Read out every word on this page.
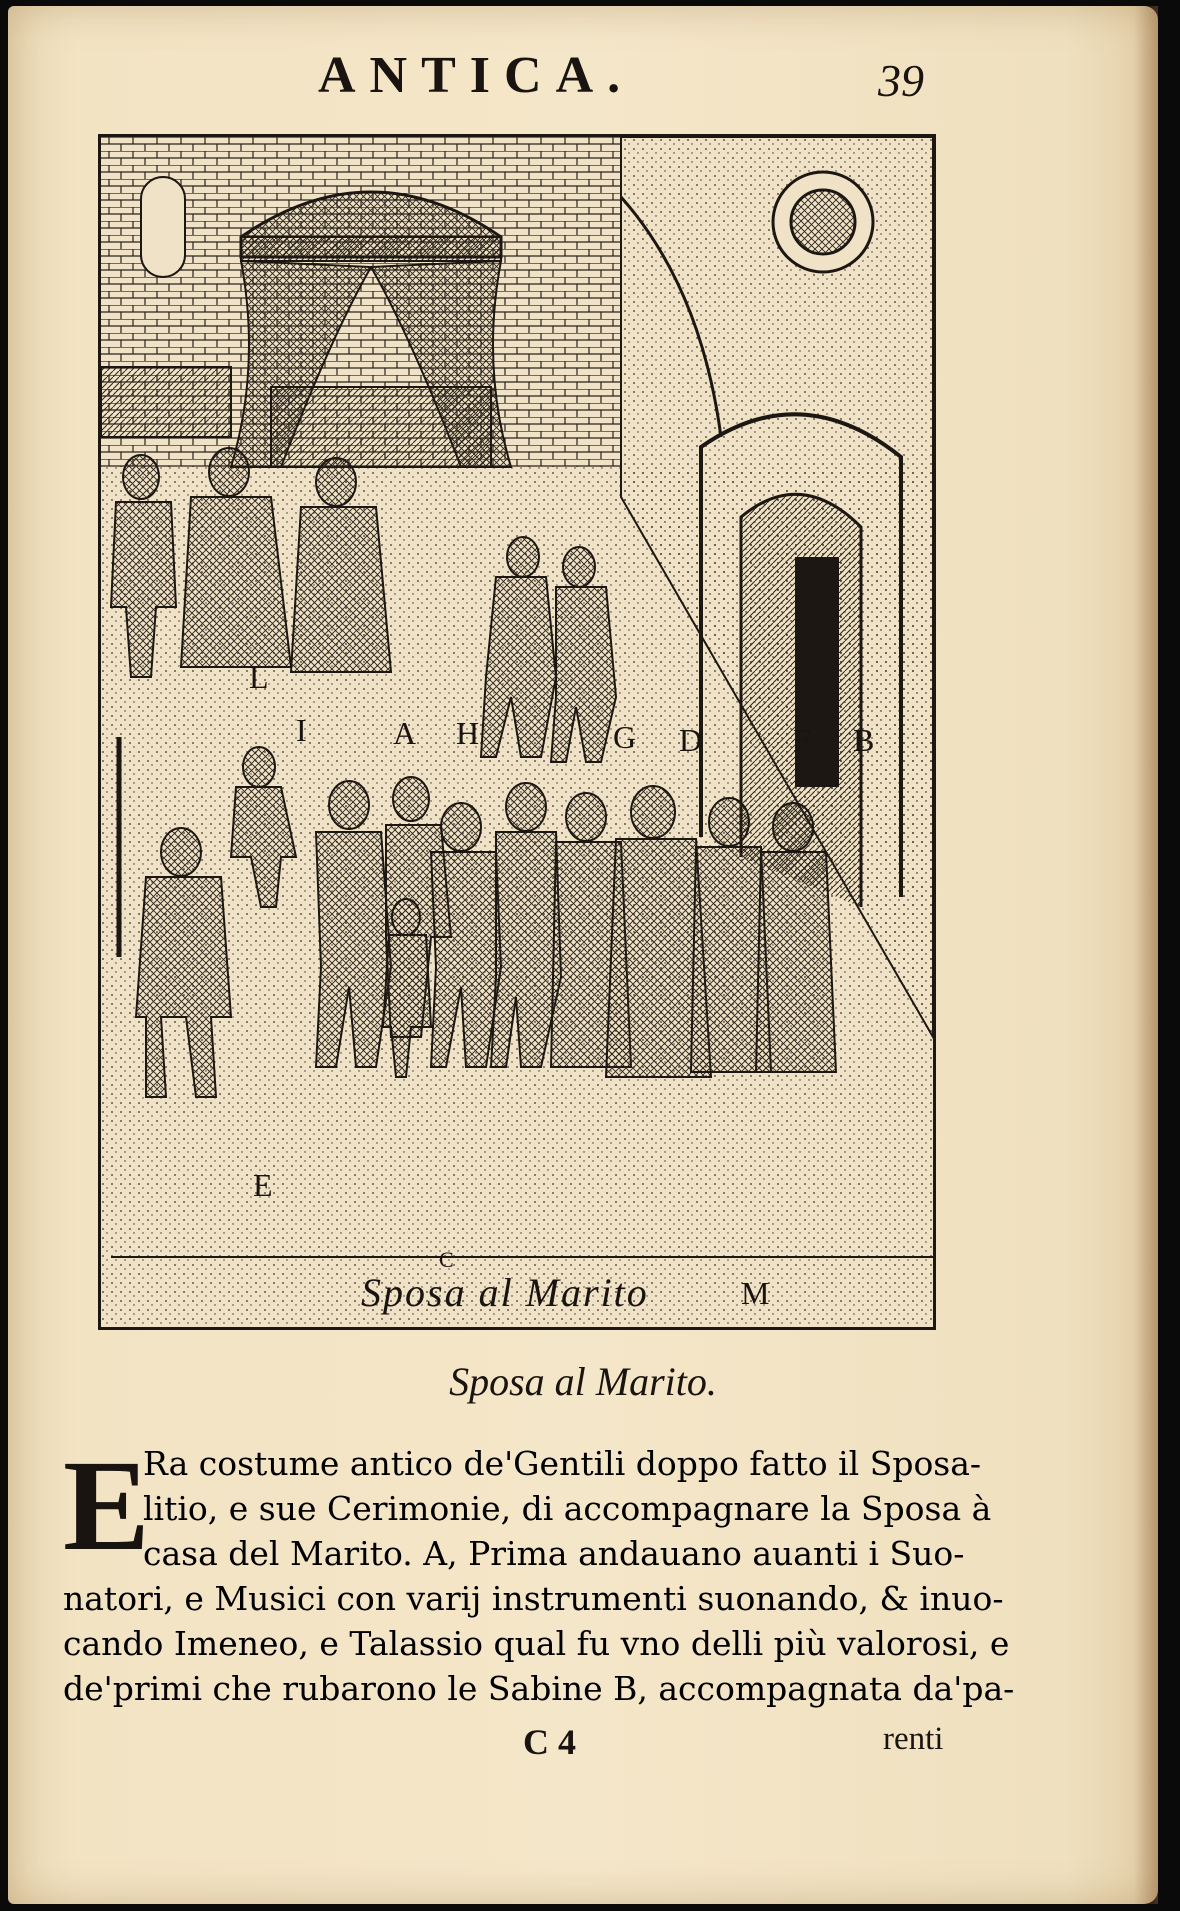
ANTICA.	39
L
I	A H	G D	F B
E
C
Sposa al Marito	M
Sposa al Marito.
E
Ra costume antico de'Gentili doppo fatto il Sposa-
litio, e sue Cerimonie, di accompagnare la Sposa à
casa del Marito. A, Prima andauano auanti i Suo-
natori, e Musici con varij instrumenti suonando, & inuo-
cando Imeneo, e Talassio qual fu vno delli più valorosi, e
de'primi che rubarono le Sabine B, accompagnata da'pa-
C 4	renti
